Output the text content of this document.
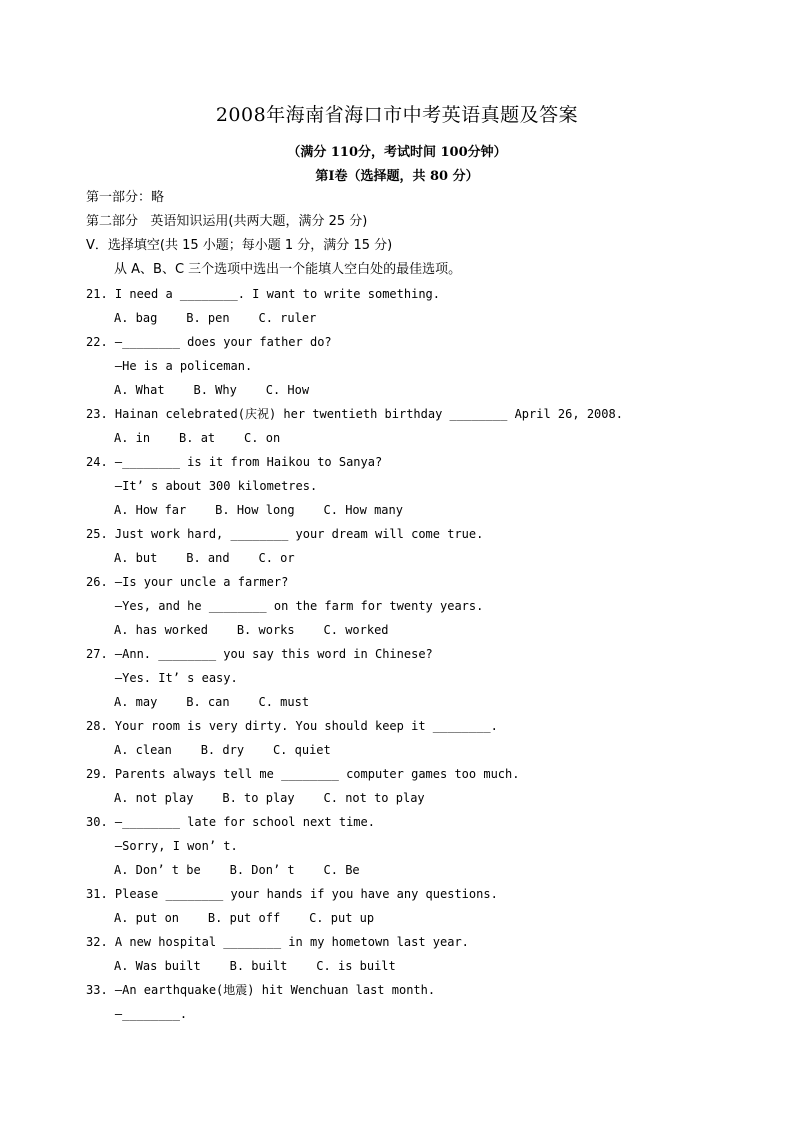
2008年海南省海口市中考英语真题及答案
（满分 110分，考试时间 100分钟）
第Ⅰ卷（选择题，共 80 分）
第一部分：略
第二部分   英语知识运用(共两大题，满分 25 分)
Ⅴ．选择填空(共 15 小题；每小题 1 分，满分 15 分)
从 A、B、C 三个选项中选出一个能填人空白处的最佳选项。
21. I need a ________. I want to write something.
A. bag    B. pen    C. ruler
22. —________ does your father do?
—He is a policeman.
A. What    B. Why    C. How
23. Hainan celebrated(庆祝) her twentieth birthday ________ April 26, 2008.
A. in    B. at    C. on
24. —________ is it from Haikou to Sanya?
—It’ s about 300 kilometres.
A. How far    B. How long    C. How many
25. Just work hard, ________ your dream will come true.
A. but    B. and    C. or
26. —Is your uncle a farmer?
—Yes, and he ________ on the farm for twenty years.
A. has worked    B. works    C. worked
27. —Ann. ________ you say this word in Chinese?
—Yes. It’ s easy.
A. may    B. can    C. must
28. Your room is very dirty. You should keep it ________.
A. clean    B. dry    C. quiet
29. Parents always tell me ________ computer games too much.
A. not play    B. to play    C. not to play
30. —________ late for school next time.
—Sorry, I won’ t.
A. Don’ t be    B. Don’ t    C. Be
31. Please ________ your hands if you have any questions.
A. put on    B. put off    C. put up
32. A new hospital ________ in my hometown last year.
A. Was built    B. built    C. is built
33. —An earthquake(地震) hit Wenchuan last month.
—________.
